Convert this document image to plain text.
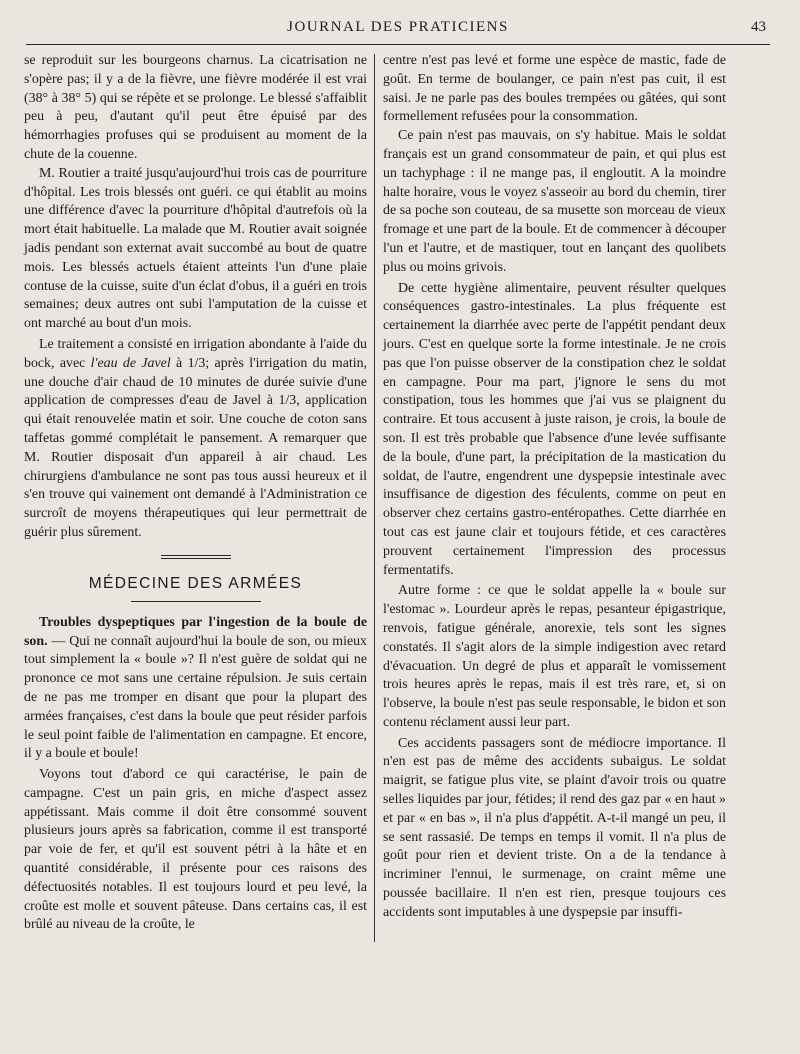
JOURNAL DES PRATICIENS	43

se reproduit sur les bourgeons charnus. La cicatrisation ne s'opère pas; il y a de la fièvre, une fièvre modérée il est vrai (38° à 38° 5) qui se répète et se prolonge. Le blessé s'affaiblit peu à peu, d'autant qu'il peut être épuisé par des hémorrhagies profuses qui se produisent au moment de la chute de la couenne.

M. Routier a traité jusqu'aujourd'hui trois cas de pourriture d'hôpital. Les trois blessés ont guéri. ce qui établit au moins une différence d'avec la pourriture d'hôpital d'autrefois où la mort était habituelle. La malade que M. Routier avait soignée jadis pendant son externat avait succombé au bout de quatre mois. Les blessés actuels étaient atteints l'un d'une plaie contuse de la cuisse, suite d'un éclat d'obus, il a guéri en trois semaines; deux autres ont subi l'amputation de la cuisse et ont marché au bout d'un mois.

Le traitement a consisté en irrigation abondante à l'aide du bock, avec l'eau de Javel à 1/3; après l'irrigation du matin, une douche d'air chaud de 10 minutes de durée suivie d'une application de compresses d'eau de Javel à 1/3, application qui était renouvelée matin et soir. Une couche de coton sans taffetas gommé complétait le pansement. A remarquer que M. Routier disposait d'un appareil à air chaud. Les chirurgiens d'ambulance ne sont pas tous aussi heureux et il s'en trouve qui vainement ont demandé à l'Administration ce surcroît de moyens thérapeutiques qui leur permettrait de guérir plus sûrement.

MÉDECINE DES ARMÉES

Troubles dyspeptiques par l'ingestion de la boule de son. — Qui ne connaît aujourd'hui la boule de son, ou mieux tout simplement la « boule »? Il n'est guère de soldat qui ne prononce ce mot sans une certaine répulsion. Je suis certain de ne pas me tromper en disant que pour la plupart des armées françaises, c'est dans la boule que peut résider parfois le seul point faible de l'alimentation en campagne. Et encore, il y a boule et boule!

Voyons tout d'abord ce qui caractérise, le pain de campagne. C'est un pain gris, en miche d'aspect assez appétissant. Mais comme il doit être consommé souvent plusieurs jours après sa fabrication, comme il est transporté par voie de fer, et qu'il est souvent pétri à la hâte et en quantité considérable, il présente pour ces raisons des défectuosités notables. Il est toujours lourd et peu levé, la croûte est molle et souvent pâteuse. Dans certains cas, il est brûlé au niveau de la croûte, le

centre n'est pas levé et forme une espèce de mastic, fade de goût. En terme de boulanger, ce pain n'est pas cuit, il est saisi. Je ne parle pas des boules trempées ou gâtées, qui sont formellement refusées pour la consommation.

Ce pain n'est pas mauvais, on s'y habitue. Mais le soldat français est un grand consommateur de pain, et qui plus est un tachyphage : il ne mange pas, il engloutit. A la moindre halte horaire, vous le voyez s'asseoir au bord du chemin, tirer de sa poche son couteau, de sa musette son morceau de vieux fromage et une part de la boule. Et de commencer à découper l'un et l'autre, et de mastiquer, tout en lançant des quolibets plus ou moins grivois.

De cette hygiène alimentaire, peuvent résulter quelques conséquences gastro-intestinales. La plus fréquente est certainement la diarrhée avec perte de l'appétit pendant deux jours. C'est en quelque sorte la forme intestinale. Je ne crois pas que l'on puisse observer de la constipation chez le soldat en campagne. Pour ma part, j'ignore le sens du mot constipation, tous les hommes que j'ai vus se plaignent du contraire. Et tous accusent à juste raison, je crois, la boule de son. Il est très probable que l'absence d'une levée suffisante de la boule, d'une part, la précipitation de la mastication du soldat, de l'autre, engendrent une dyspepsie intestinale avec insuffisance de digestion des féculents, comme on peut en observer chez certains gastro-entéropathes. Cette diarrhée en tout cas est jaune clair et toujours fétide, et ces caractères prouvent certainement l'impression des processus fermentatifs.

Autre forme : ce que le soldat appelle la « boule sur l'estomac ». Lourdeur après le repas, pesanteur épigastrique, renvois, fatigue générale, anorexie, tels sont les signes constatés. Il s'agit alors de la simple indigestion avec retard d'évacuation. Un degré de plus et apparaît le vomissement trois heures après le repas, mais il est très rare, et, si on l'observe, la boule n'est pas seule responsable, le bidon et son contenu réclament aussi leur part.

Ces accidents passagers sont de médiocre importance. Il n'en est pas de même des accidents subaigus. Le soldat maigrit, se fatigue plus vite, se plaint d'avoir trois ou quatre selles liquides par jour, fétides; il rend des gaz par « en haut » et par « en bas », il n'a plus d'appétit. A-t-il mangé un peu, il se sent rassasié. De temps en temps il vomit. Il n'a plus de goût pour rien et devient triste. On a de la tendance à incriminer l'ennui, le surmenage, on craint même une poussée bacillaire. Il n'en est rien, presque toujours ces accidents sont imputables à une dyspepsie par insuffi-
